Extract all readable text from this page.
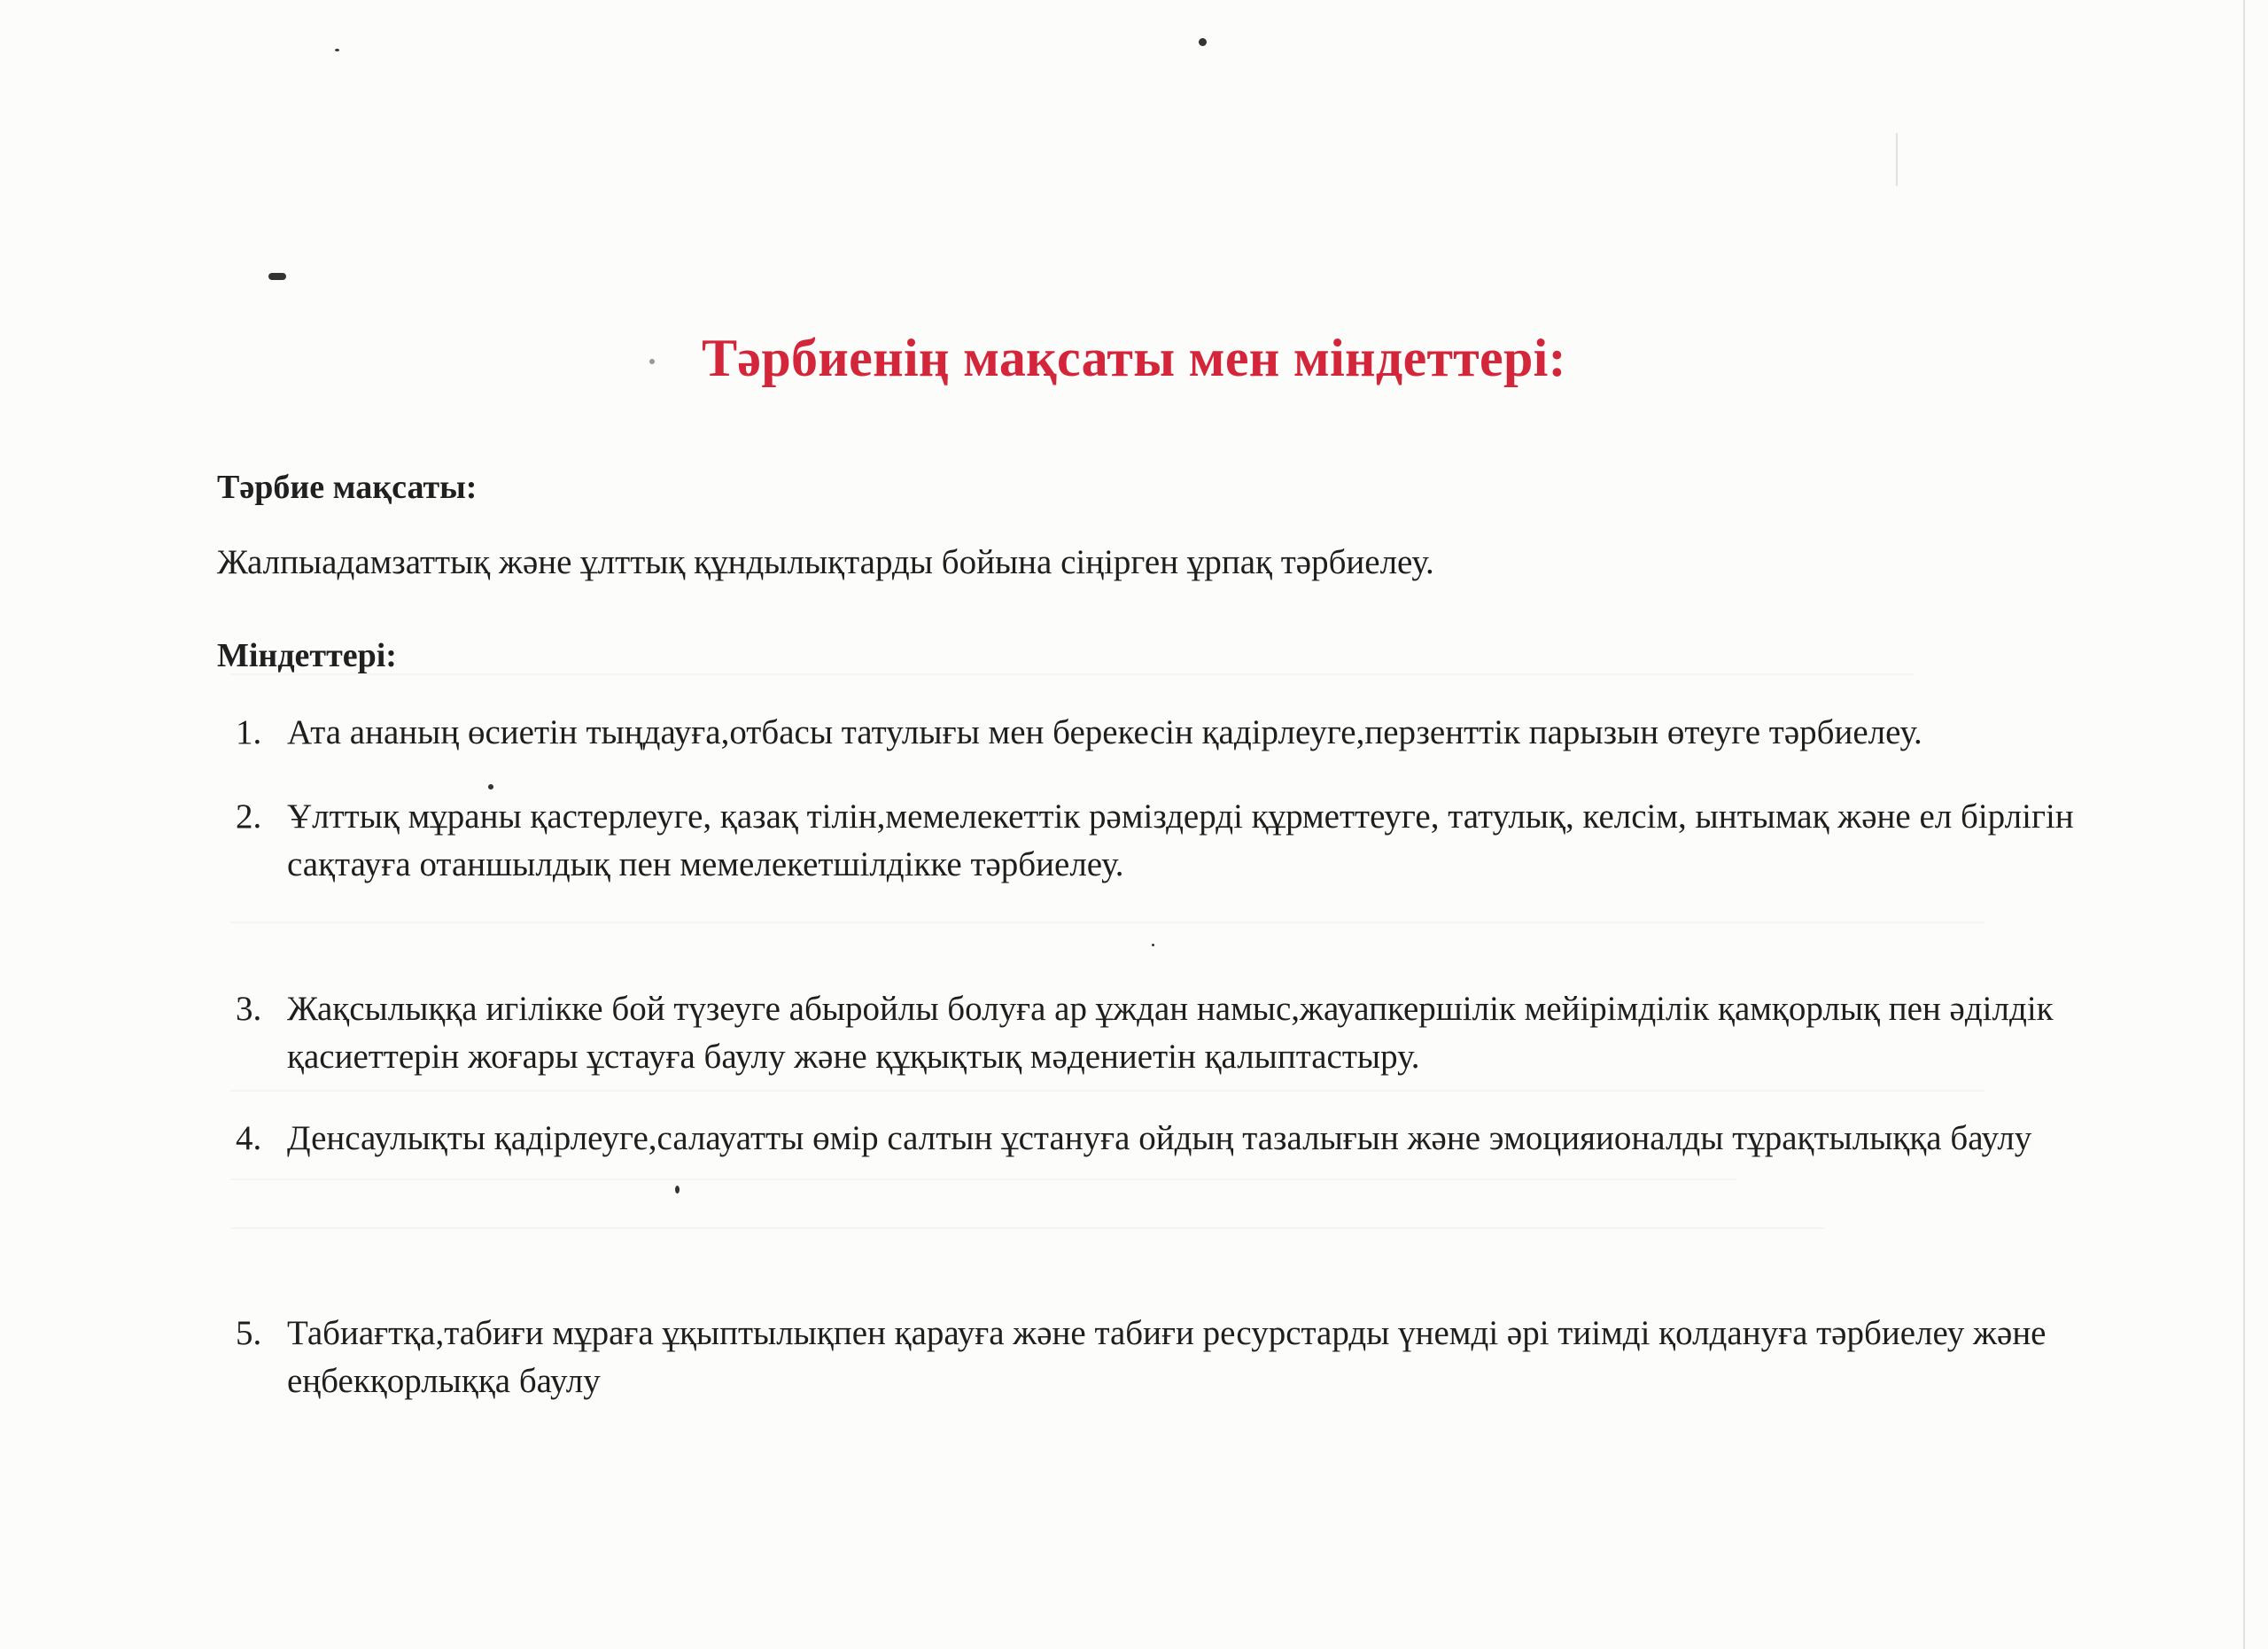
Тәрбиенің мақсаты мен міндеттері:
Тәрбие мақсаты:

Жалпыадамзаттық және ұлттық құндылықтарды бойына сіңірген ұрпақ тәрбиелеу.

Міндеттері:
1. Ата ананың өсиетін тыңдауға,отбасы татулығы мен берекесін қадірлеуге,перзенттік парызын өтеуге тәрбиелеу.
2. Ұлттық мұраны қастерлеуге, қазақ тілін,мемелекеттік рәміздерді құрметтеуге, татулық, келсім, ынтымақ және ел бірлігін сақтауға отаншылдық пен мемелекетшілдікке тәрбиелеу.
3. Жақсылыққа игілікке бой түзеуге абыройлы болуға ар ұждан намыс,жауапкершілік мейірімділік қамқорлық пен әділдік қасиеттерін жоғары ұстауға баулу және құқықтық мәдениетін қалыптастыру.
4. Денсаулықты қадірлеуге,салауатты өмір салтын ұстануға ойдың тазалығын және эмоцияионалды тұрақтылыққа баулу
5. Табиағтқа,табиғи мұраға ұқыптылықпен қарауға және табиғи ресурстарды үнемді әрі тиімді қолдануға тәрбиелеу және еңбекқорлыққа баулу
